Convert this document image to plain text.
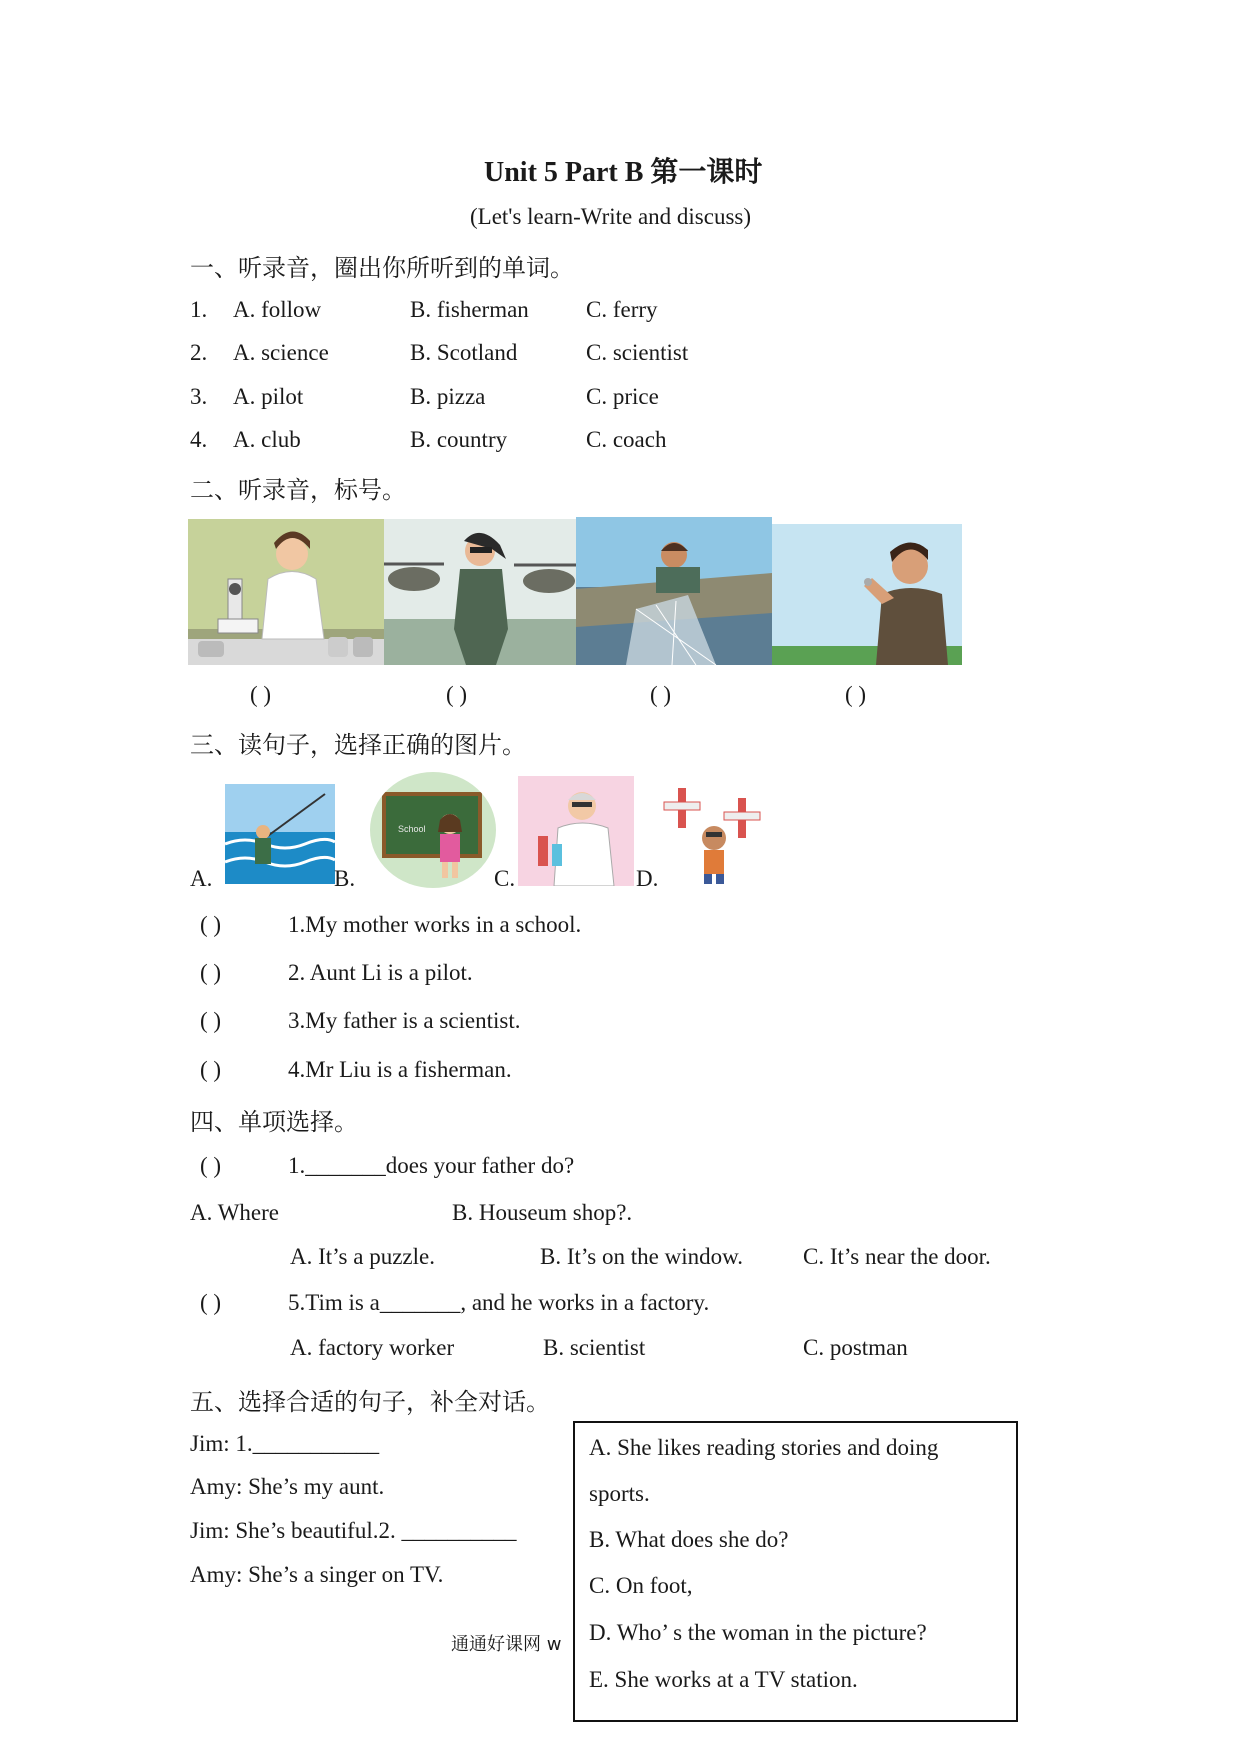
Unit 5 Part B 第一课时
(Let's learn-Write and discuss)
一、听录音，圈出你所听到的单词。
1. A. follow	B. fisherman C. ferry
2. A. science	B. Scotland	C. scientist
3. A. pilot	B. pizza	C. price
4. A. club	B. country	C. coach
二、听录音，标号。
( )	( )	( )	( )
三、读句子，选择正确的图片。
A.	B.
School
C.	D.
( )	1.My mother works in a school.
( )	2. Aunt Li is a pilot.
( )	3.My father is a scientist.
( )	4.Mr Liu is a fisherman.
四、单项选择。
( )	1._______does your father do?
A. Where	B. Houseum shop?.
A. It’s a puzzle.	B. It’s on the window.	C. It’s near the door.
( )	5.Tim is a_______, and he works in a factory.
A. factory worker	B. scientist	C. postman
五、选择合适的句子，补全对话。
Jim: 1.___________
Amy: She’s my aunt.
Jim: She’s beautiful.2. __________
Amy: She’s a singer on TV.
通通好课网 w
A. She likes reading stories and doing
sports.
B. What does she do?
C. On foot,
D. Who’ s the woman in the picture?
E. She works at a TV station.
